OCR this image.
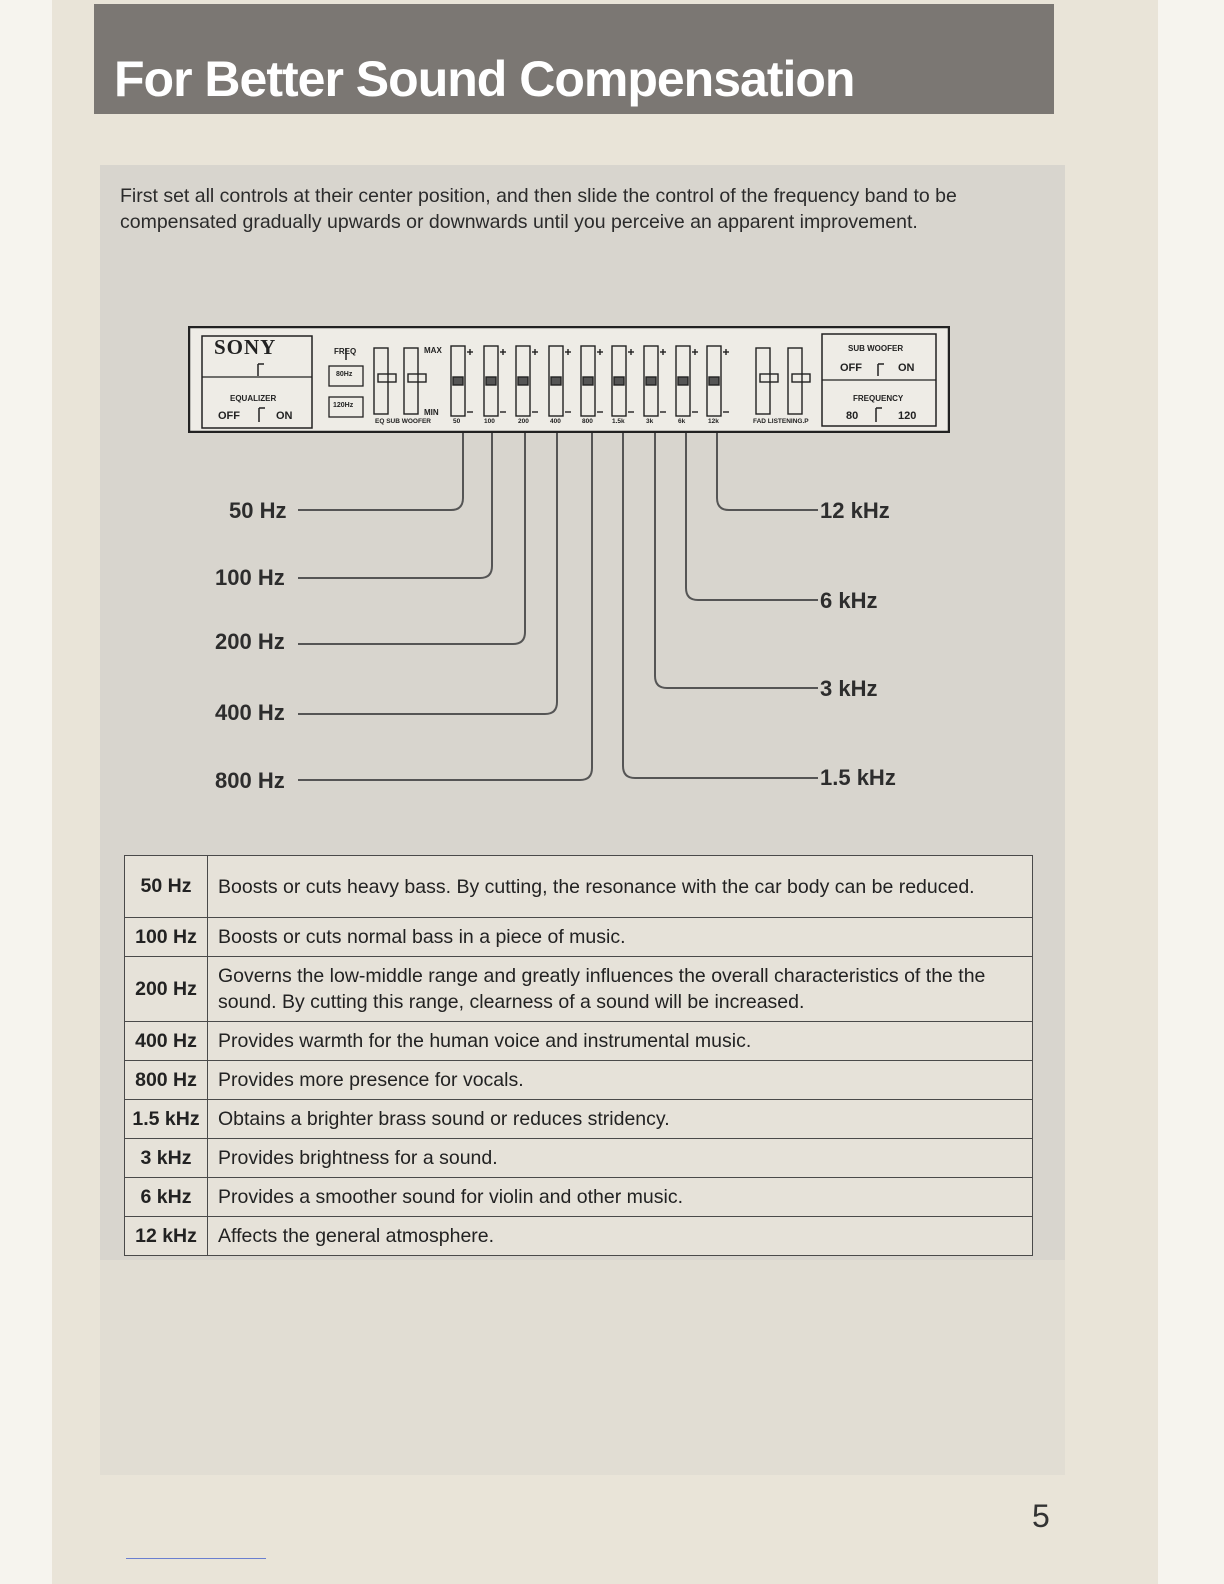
For Better Sound Compensation

First set all controls at their center position, and then slide the control of the frequency band to be compensated gradually upwards or downwards until you perceive an apparent improvement.

SONY
EQUALIZER
OFF	ON
FREQ
80Hz
120Hz
MAX
MIN
EQ SUB WOOFER	FAD LISTENING.P
SUB WOOFER
OFF	ON
FREQUENCY
80	120
50	100	200	400	800	1.5k	3k	6k	12k
50 Hz
100 Hz
200 Hz
400 Hz
800 Hz
12 kHz
6 kHz
3 kHz
1.5 kHz
50 Hz	Boosts or cuts heavy bass. By cutting, the resonance with the car body can be reduced.
100 Hz	Boosts or cuts normal bass in a piece of music.
200 Hz	Governs the low-middle range and greatly influences the overall characteristics of the the sound. By cutting this range, clearness of a sound will be increased.
400 Hz	Provides warmth for the human voice and instrumental music.
800 Hz	Provides more presence for vocals.
1.5 kHz	Obtains a brighter brass sound or reduces stridency.
3 kHz	Provides brightness for a sound.
6 kHz	Provides a smoother sound for violin and other music.
12 kHz	Affects the general atmosphere.
5
